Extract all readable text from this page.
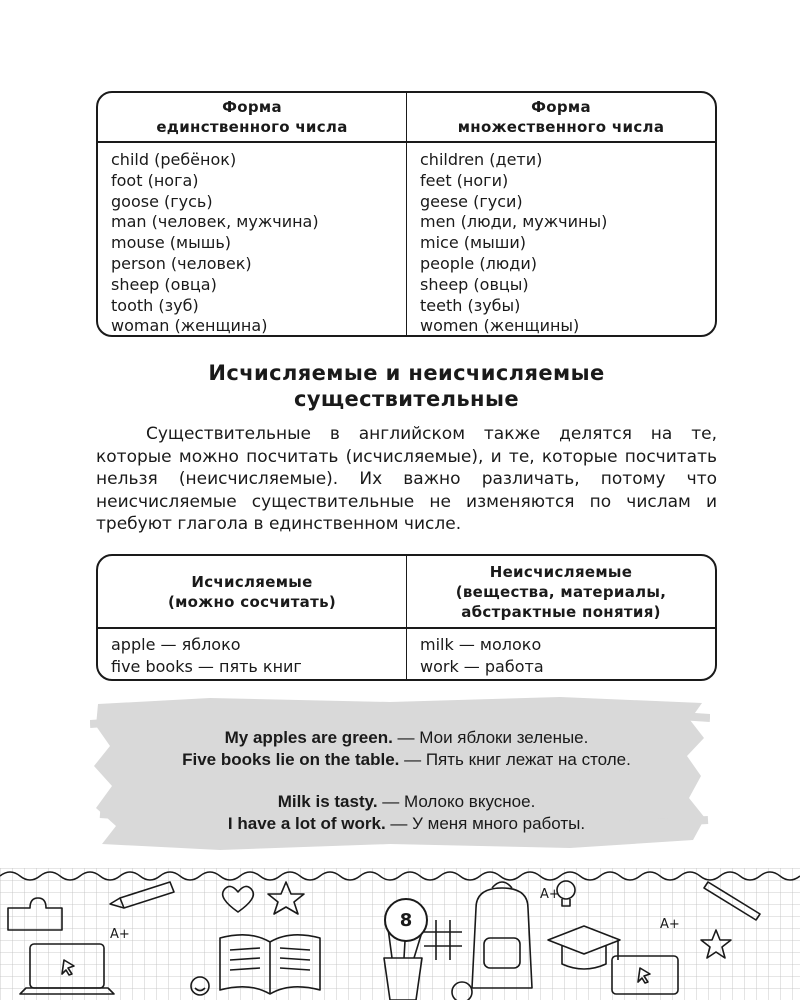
Форма
единственного числа
Форма
множественного числа
child (ребёнок)
foot (нога)
goose (гусь)
man (человек, мужчина)
mouse (мышь)
person (человек)
sheep (овца)
tooth (зуб)
woman (женщина)
children (дети)
feet (ноги)
geese (гуси)
men (люди, мужчины)
mice (мыши)
people (люди)
sheep (овцы)
teeth (зубы)
women (женщины)
Исчисляемые и неисчисляемые
существительные
Существительные в английском также делятся на те, которые можно посчитать (исчисляемые), и те, которые посчитать нельзя (неисчисляемые). Их важно различать, потому что неисчисляемые существительные не изменяются по числам и требуют глагола в единственном числе.
Исчисляемые
(можно сосчитать)
Неисчисляемые
(вещества, материалы,
абстрактные понятия)
apple — яблоко
five books — пять книг
milk — молоко
work — работа
My apples are green. — Мои яблоки зеленые.
Five books lie on the table. — Пять книг лежат на столе.
Milk is tasty. — Молоко вкусное.
I have a lot of work. — У меня много работы.
A+
A+
A+
8
